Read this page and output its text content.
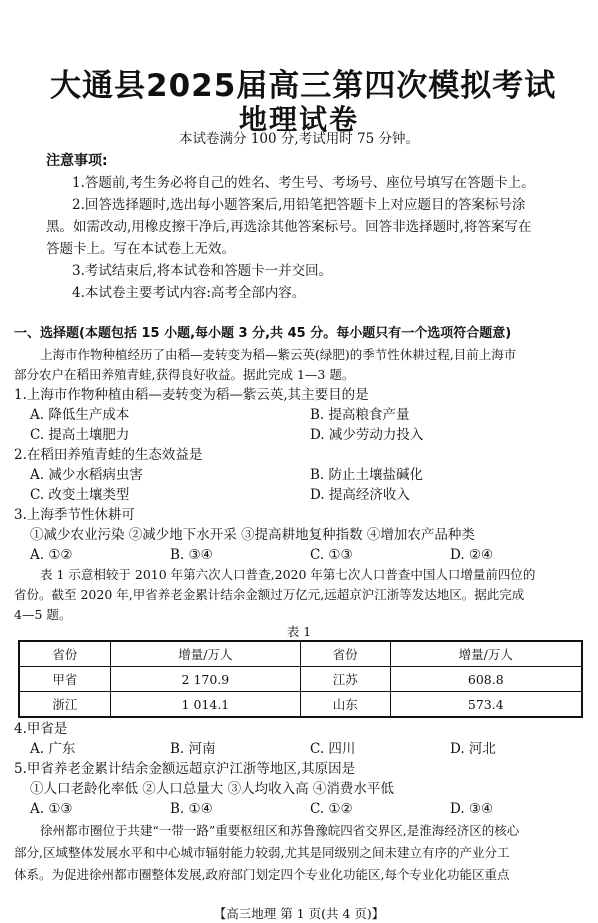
大通县2025届高三第四次模拟考试
地理试卷
本试卷满分 100 分,考试用时 75 分钟。
注意事项:
1.答题前,考生务必将自己的姓名、考生号、考场号、座位号填写在答题卡上。
2.回答选择题时,选出每小题答案后,用铅笔把答题卡上对应题目的答案标号涂
黑。如需改动,用橡皮擦干净后,再选涂其他答案标号。回答非选择题时,将答案写在
答题卡上。写在本试卷上无效。
3.考试结束后,将本试卷和答题卡一并交回。
4.本试卷主要考试内容:高考全部内容。
一、选择题(本题包括 15 小题,每小题 3 分,共 45 分。每小题只有一个选项符合题意)
上海市作物种植经历了由稻—麦转变为稻—紫云英(绿肥)的季节性休耕过程,目前上海市
部分农户在稻田养殖青蛙,获得良好收益。据此完成 1—3 题。
1.上海市作物种植由稻—麦转变为稻—紫云英,其主要目的是
A. 降低生产成本	B. 提高粮食产量
C. 提高土壤肥力	D. 减少劳动力投入
2.在稻田养殖青蛙的生态效益是
A. 减少水稻病虫害	B. 防止土壤盐碱化
C. 改变土壤类型	D. 提高经济收入
3.上海季节性休耕可
①减少农业污染 ②减少地下水开采 ③提高耕地复种指数 ④增加农产品种类
A. ①②	B. ③④	C. ①③	D. ②④
表 1 示意相较于 2010 年第六次人口普查,2020 年第七次人口普查中国人口增量前四位的
省份。截至 2020 年,甲省养老金累计结余金额过万亿元,远超京沪江浙等发达地区。据此完成
4—5 题。
表 1
省份	增量/万人	省份	增量/万人
甲省	2 170.9	江苏	608.8
浙江	1 014.1	山东	573.4
4.甲省是
A. 广东	B. 河南	C. 四川	D. 河北
5.甲省养老金累计结余金额远超京沪江浙等地区,其原因是
①人口老龄化率低 ②人口总量大 ③人均收入高 ④消费水平低
A. ①③	B. ①④	C. ①②	D. ③④
徐州都市圈位于共建“一带一路”重要枢纽区和苏鲁豫皖四省交界区,是淮海经济区的核心
部分,区域整体发展水平和中心城市辐射能力较弱,尤其是同级别之间未建立有序的产业分工
体系。为促进徐州都市圈整体发展,政府部门划定四个专业化功能区,每个专业化功能区重点
【高三地理 第 1 页(共 4 页)】
